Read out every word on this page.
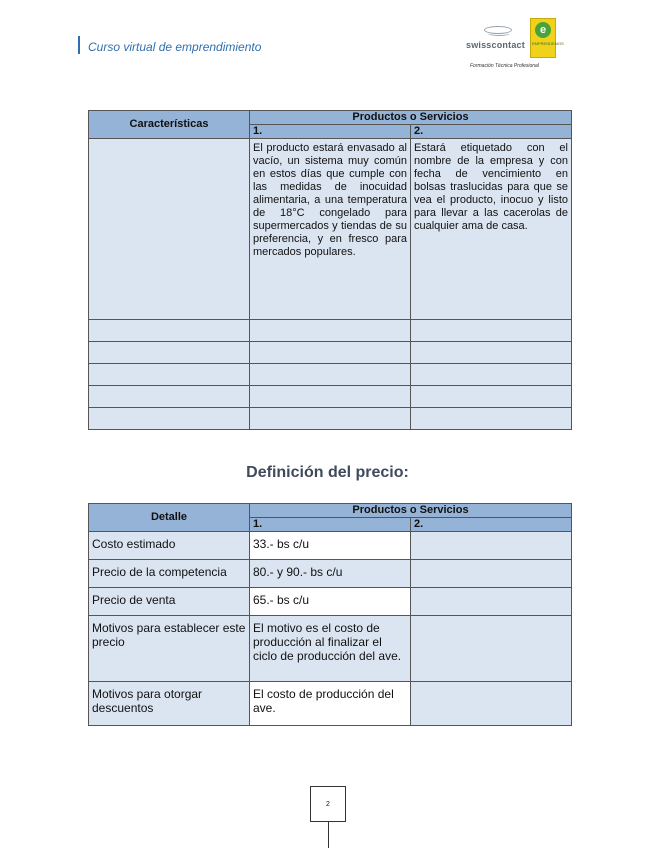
Curso virtual de emprendimiento	swisscontact
e
EMPRENDEMOS
Formación Técnica Profesional
Características	Productos o Servicios	
	1.	2.
	El producto estará envasado al vacío, un sistema muy común en estos días que cumple con las medidas de inocuidad alimentaria, a una temperatura de 18°C congelado para supermercados y tiendas de su preferencia, y en fresco para mercados populares.	Estará etiquetado con el nombre de la empresa y con fecha de vencimiento en bolsas traslucidas para que se vea el producto, inocuo y listo para llevar a las cacerolas de cualquier ama de casa.

Definición del precio:
Detalle	Productos o Servicios	
	1.	2.
Costo estimado	33.- bs c/u	
Precio de la competencia	80.- y 90.- bs c/u	
Precio de venta	65.- bs c/u	
Motivos para establecer este precio	El motivo es el costo de producción al finalizar el ciclo de producción del ave.	
Motivos para otorgar descuentos	El costo de producción del ave.	
2
